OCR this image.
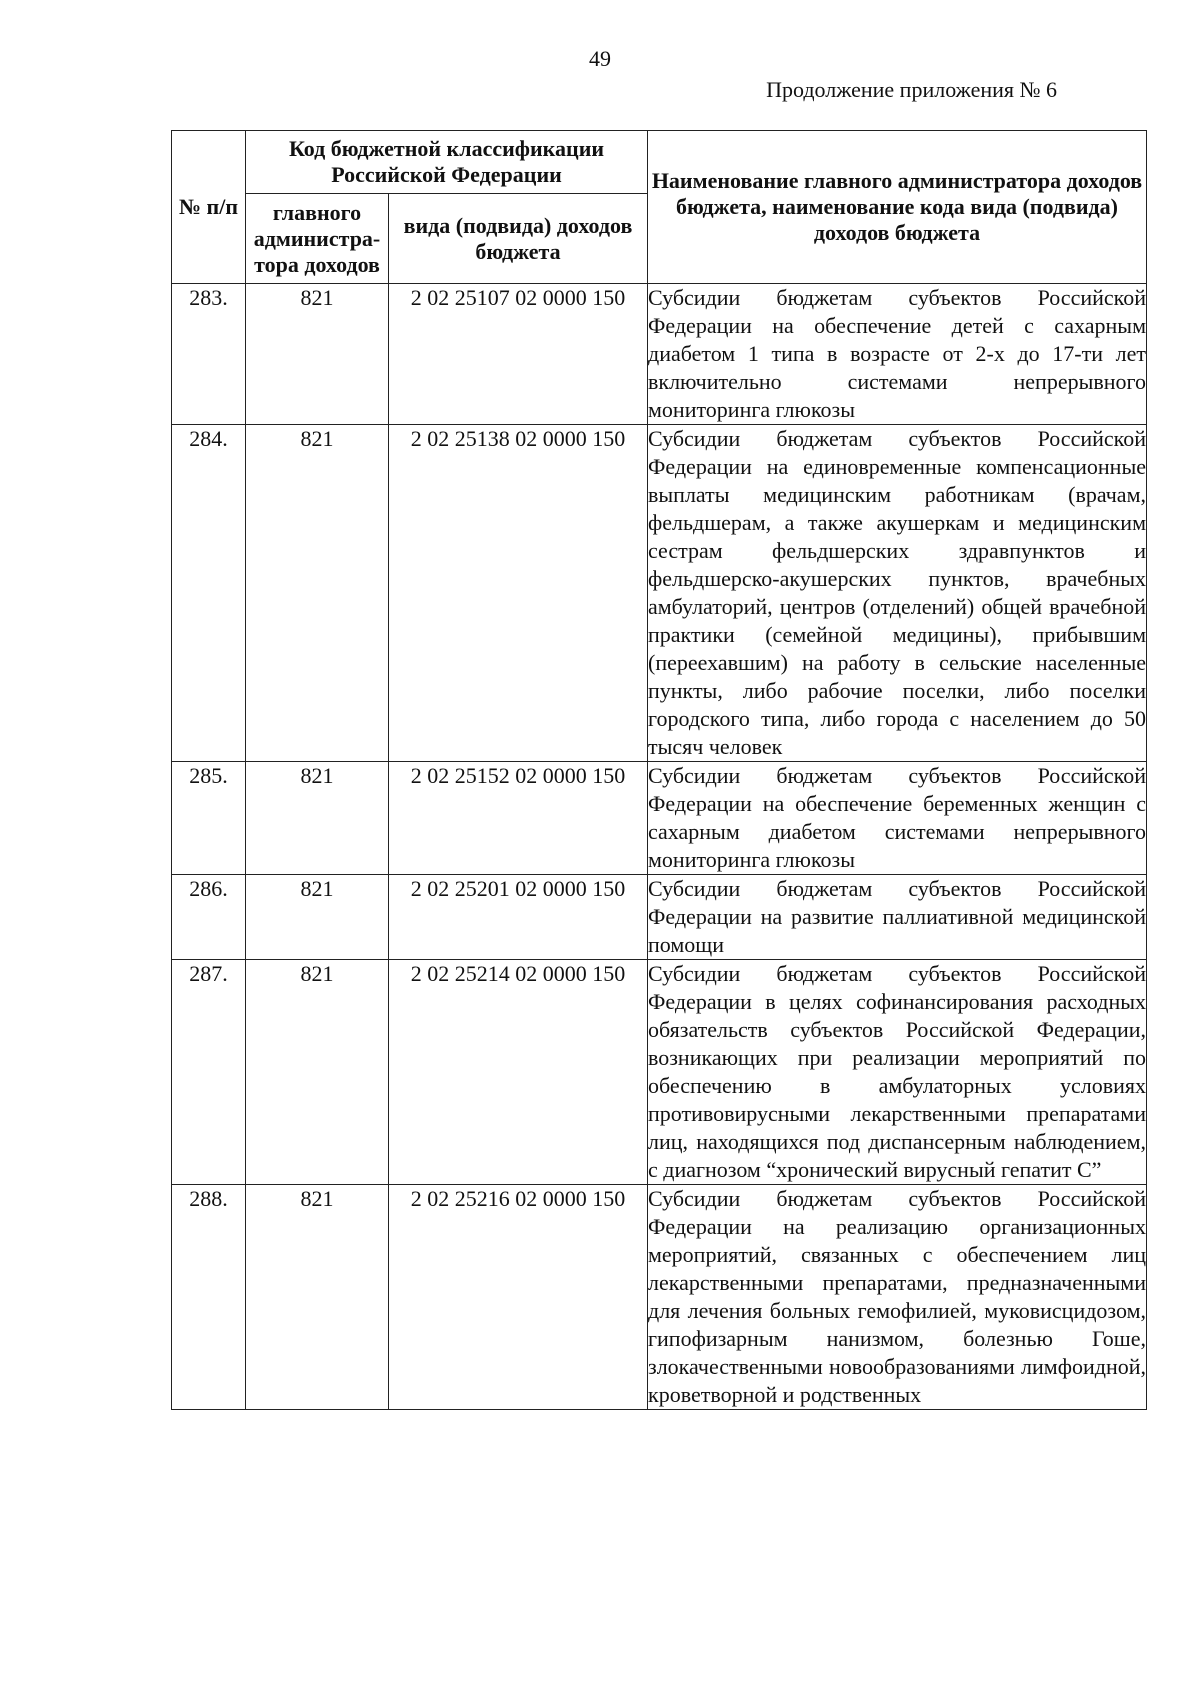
49
Продолжение приложения № 6
№ п/п	Код бюджетной классификации Российской Федерации		Наименование главного администратора доходов бюджета, наименование кода вида (подвида) доходов бюджета
	главного администра-тора доходов	вида (подвида) доходов бюджета	
283.	821	2 02 25107 02 0000 150	Субсидии бюджетам субъектов Российской Федерации на обеспечение детей с сахарным диабетом 1 типа в возрасте от 2-х до 17-ти лет включительно системами непрерывного мониторинга глюкозы
284.	821	2 02 25138 02 0000 150	Субсидии бюджетам субъектов Российской Федерации на единовременные компенсационные выплаты медицинским работникам (врачам, фельдшерам, а также акушеркам и медицинским сестрам фельдшерских здравпунктов и фельдшерско-акушерских пунктов, врачебных амбулаторий, центров (отделений) общей врачебной практики (семейной медицины), прибывшим (переехавшим) на работу в сельские населенные пункты, либо рабочие поселки, либо поселки городского типа, либо города с населением до 50 тысяч человек
285.	821	2 02 25152 02 0000 150	Субсидии бюджетам субъектов Российской Федерации на обеспечение беременных женщин с сахарным диабетом системами непрерывного мониторинга глюкозы
286.	821	2 02 25201 02 0000 150	Субсидии бюджетам субъектов Российской Федерации на развитие паллиативной медицинской помощи
287.	821	2 02 25214 02 0000 150	Субсидии бюджетам субъектов Российской Федерации в целях софинансирования расходных обязательств субъектов Российской Федерации, возникающих при реализации мероприятий по обеспечению в амбулаторных условиях противовирусными лекарственными препаратами лиц, находящихся под диспансерным наблюдением, с диагнозом “хронический вирусный гепатит С”
288.	821	2 02 25216 02 0000 150	Субсидии бюджетам субъектов Российской Федерации на реализацию организационных мероприятий, связанных с обеспечением лиц лекарственными препаратами, предназначенными для лечения больных гемофилией, муковисцидозом, гипофизарным нанизмом, болезнью Гоше, злокачественными новообразованиями лимфоидной, кроветворной и родственных
